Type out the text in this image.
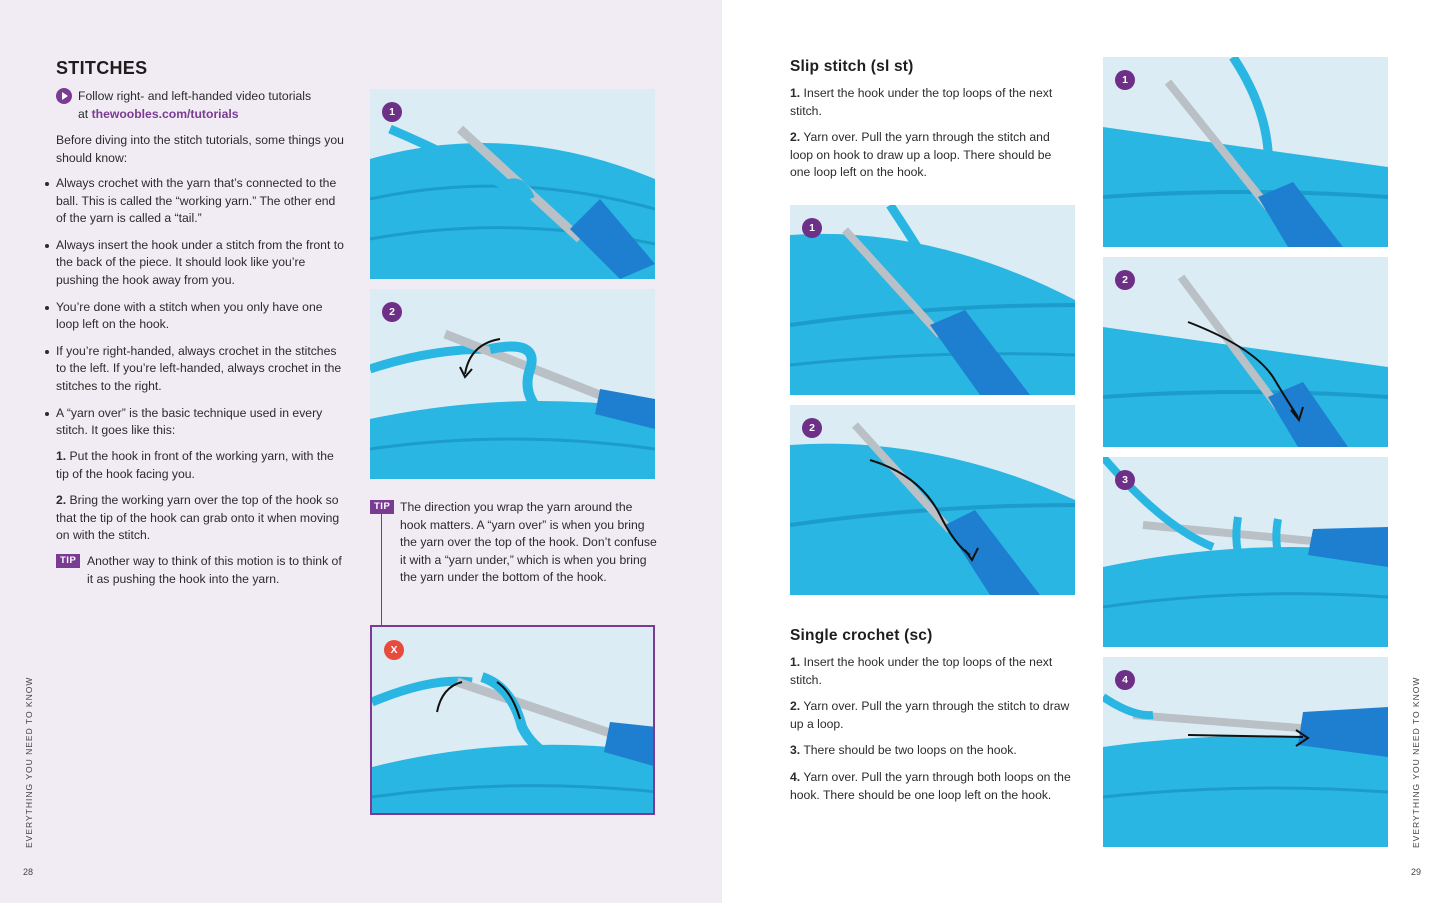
STITCHES
Follow right- and left-handed video tutorials
at thewoobles.com/tutorials
Before diving into the stitch tutorials, some things you should know:
Always crochet with the yarn that’s connected to the ball. This is called the “working yarn.” The other end of the yarn is called a “tail.”
Always insert the hook under a stitch from the front to the back of the piece. It should look like you’re pushing the hook away from you.
You’re done with a stitch when you only have one loop left on the hook.
If you’re right-handed, always crochet in the stitches to the left. If you’re left-handed, always crochet in the stitches to the right.
A “yarn over” is the basic technique used in every stitch. It goes like this:

1. Put the hook in front of the working yarn, with the tip of the hook facing you.

2. Bring the working yarn over the top of the hook so that the tip of the hook can grab onto it when moving on with the stitch.

TIP Another way to think of this motion is to think of it as pushing the hook into the yarn.
1
2
TIP The direction you wrap the yarn around the hook matters. A “yarn over” is when you bring the yarn over the top of the hook. Don’t confuse it with a “yarn under,” which is when you bring the yarn under the bottom of the hook.
X
EVERYTHING YOU NEED TO KNOW
28
Slip stitch (sl st)

1. Insert the hook under the top loops of the next stitch.

2. Yarn over. Pull the yarn through the stitch and loop on hook to draw up a loop. There should be one loop left on the hook.

1
2
Single crochet (sc)

1. Insert the hook under the top loops of the next stitch.

2. Yarn over. Pull the yarn through the stitch to draw up a loop.

3. There should be two loops on the hook.

4. Yarn over. Pull the yarn through both loops on the hook. There should be one loop left on the hook.

1
2
3
4	EVERYTHING YOU NEED TO KNOW
29
